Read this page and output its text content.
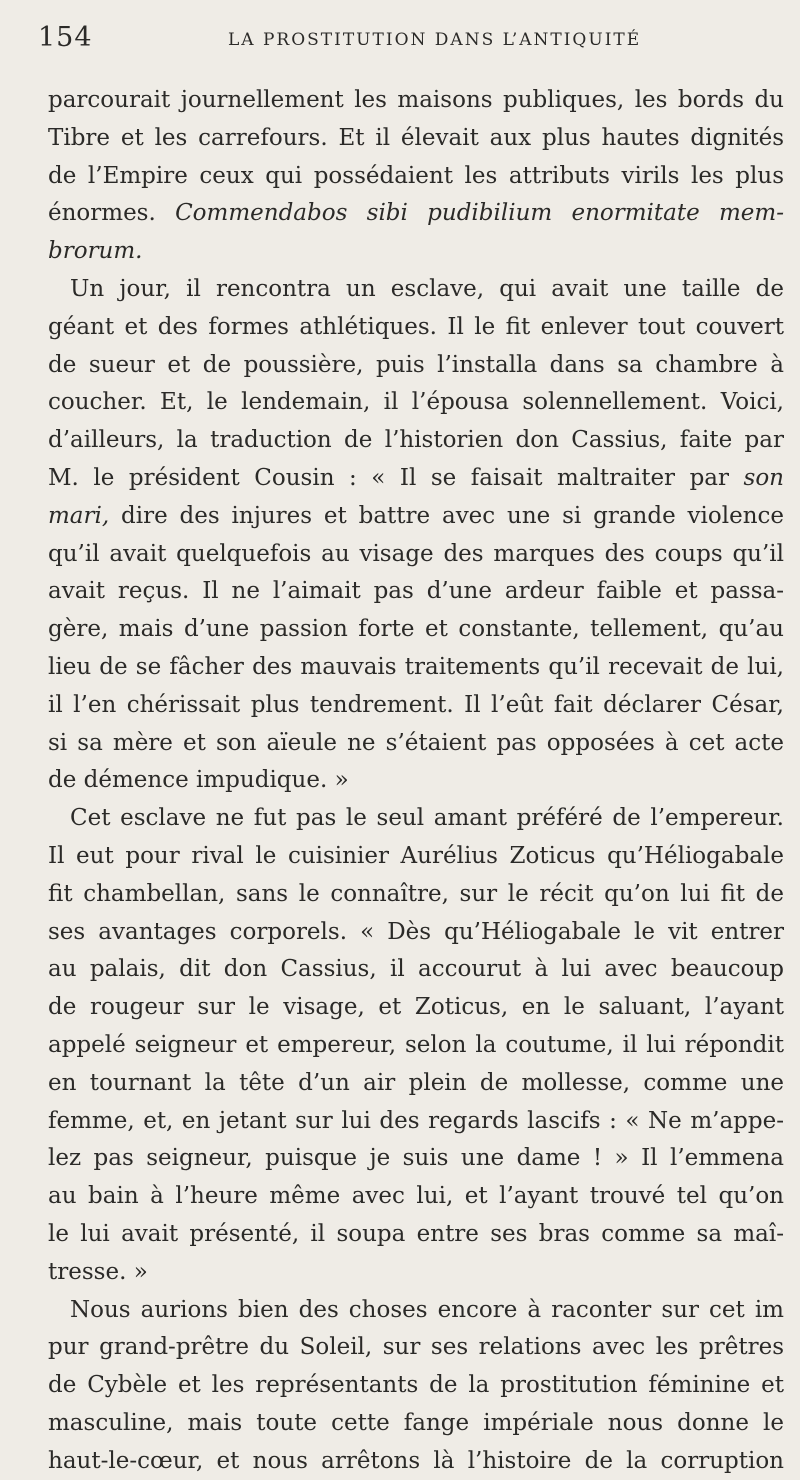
154	LA PROSTITUTION DANS L’ANTIQUITÉ
parcourait journellement les maisons publiques, les bords du
Tibre et les carrefours. Et il élevait aux plus hautes dignités
de l’Empire ceux qui possédaient les attributs virils les plus
énormes. Commendabos sibi pudibilium enormitate mem-
brorum.
Un jour, il rencontra un esclave, qui avait une taille de
géant et des formes athlétiques. Il le fit enlever tout couvert
de sueur et de poussière, puis l’installa dans sa chambre à
coucher. Et, le lendemain, il l’épousa solennellement. Voici,
d’ailleurs, la traduction de l’historien don Cassius, faite par
M. le président Cousin : « Il se faisait maltraiter par son
mari, dire des injures et battre avec une si grande violence
qu’il avait quelquefois au visage des marques des coups qu’il
avait reçus. Il ne l’aimait pas d’une ardeur faible et passa-
gère, mais d’une passion forte et constante, tellement, qu’au
lieu de se fâcher des mauvais traitements qu’il recevait de lui,
il l’en chérissait plus tendrement. Il l’eût fait déclarer César,
si sa mère et son aïeule ne s’étaient pas opposées à cet acte
de démence impudique. »
Cet esclave ne fut pas le seul amant préféré de l’empereur.
Il eut pour rival le cuisinier Aurélius Zoticus qu’Héliogabale
fit chambellan, sans le connaître, sur le récit qu’on lui fit de
ses avantages corporels. « Dès qu’Héliogabale le vit entrer
au palais, dit don Cassius, il accourut à lui avec beaucoup
de rougeur sur le visage, et Zoticus, en le saluant, l’ayant
appelé seigneur et empereur, selon la coutume, il lui répondit
en tournant la tête d’un air plein de mollesse, comme une
femme, et, en jetant sur lui des regards lascifs : « Ne m’appe-
lez pas seigneur, puisque je suis une dame ! » Il l’emmena
au bain à l’heure même avec lui, et l’ayant trouvé tel qu’on
le lui avait présenté, il soupa entre ses bras comme sa maî-
tresse. »
Nous aurions bien des choses encore à raconter sur cet im
pur grand-prêtre du Soleil, sur ses relations avec les prêtres
de Cybèle et les représentants de la prostitution féminine et
masculine, mais toute cette fange impériale nous donne le
haut-le-cœur, et nous arrêtons là l’histoire de la corruption
